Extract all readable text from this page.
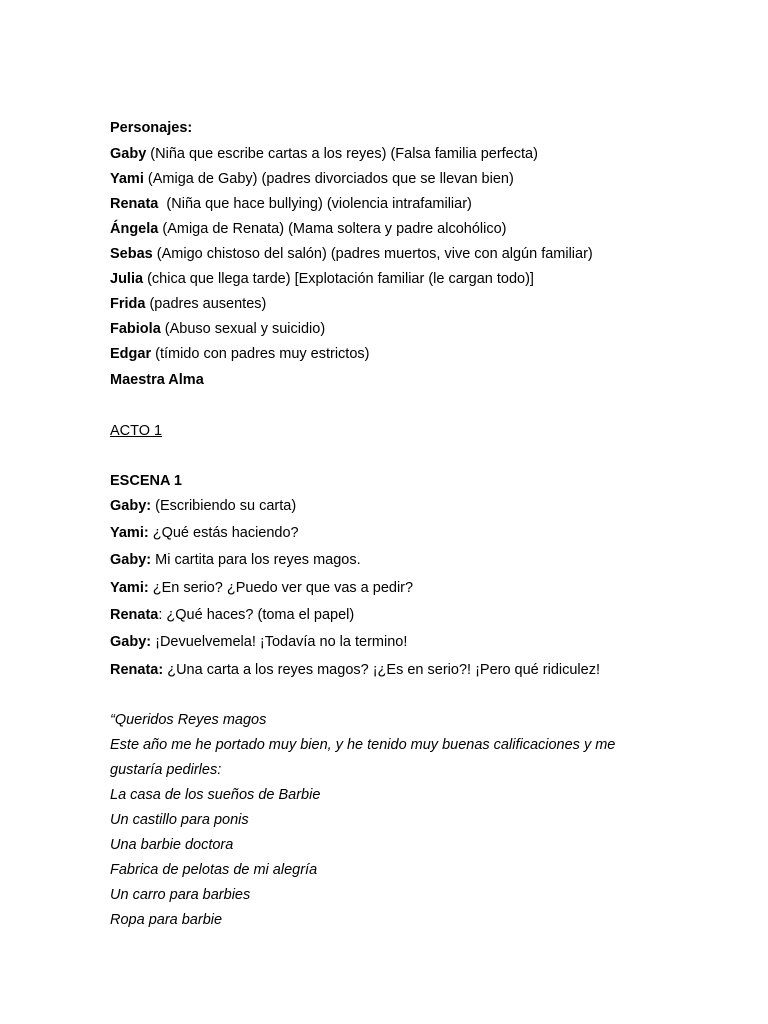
Personajes:
Gaby (Niña que escribe cartas a los reyes) (Falsa familia perfecta)
Yami (Amiga de Gaby) (padres divorciados que se llevan bien)
Renata  (Niña que hace bullying) (violencia intrafamiliar)
Ángela (Amiga de Renata) (Mama soltera y padre alcohólico)
Sebas (Amigo chistoso del salón) (padres muertos, vive con algún familiar)
Julia (chica que llega tarde) [Explotación familiar (le cargan todo)]
Frida (padres ausentes)
Fabiola (Abuso sexual y suicidio)
Edgar (tímido con padres muy estrictos)
Maestra Alma
ACTO 1
ESCENA 1
Gaby: (Escribiendo su carta)
Yami: ¿Qué estás haciendo?
Gaby: Mi cartita para los reyes magos.
Yami: ¿En serio? ¿Puedo ver que vas a pedir?
Renata: ¿Qué haces? (toma el papel)
Gaby: ¡Devuelvemela! ¡Todavía no la termino!
Renata: ¿Una carta a los reyes magos? ¡¿Es en serio?! ¡Pero qué ridiculez!
“Queridos Reyes magos
Este año me he portado muy bien, y he tenido muy buenas calificaciones y me
gustaría pedirles:
La casa de los sueños de Barbie
Un castillo para ponis
Una barbie doctora
Fabrica de pelotas de mi alegría
Un carro para barbies
Ropa para barbie
